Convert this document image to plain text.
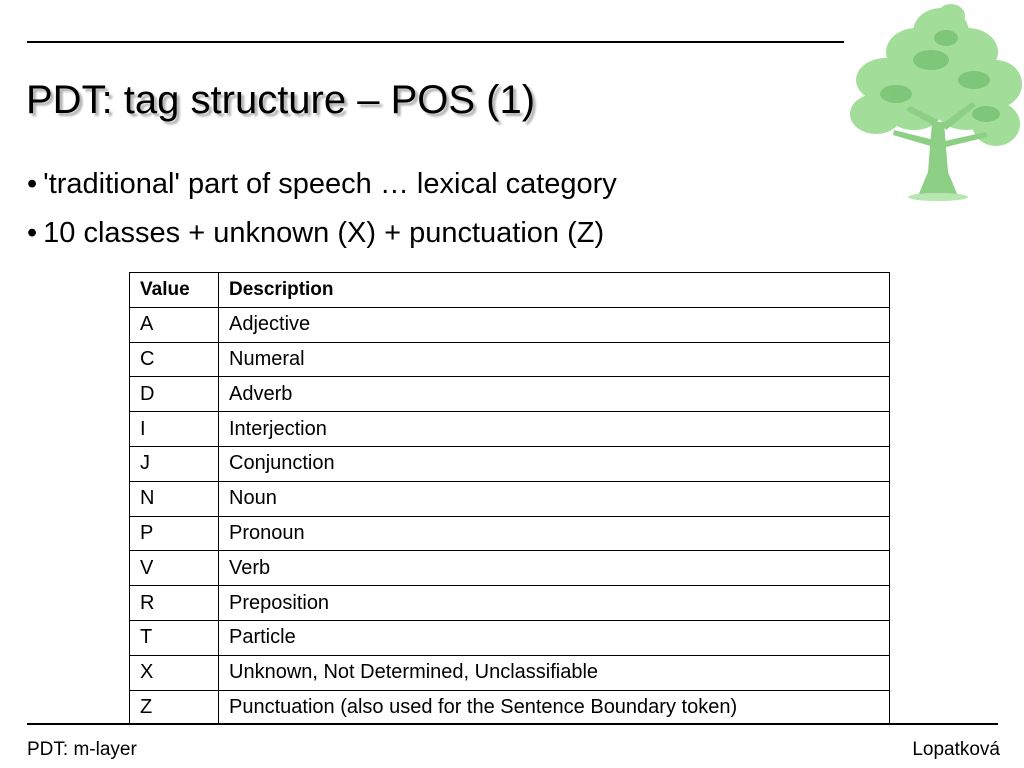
PDT: tag structure – POS (1)
• 'traditional' part of speech … lexical category
• 10 classes + unknown (X) + punctuation (Z)
Value	Description
A	Adjective
C	Numeral
D	Adverb
I	Interjection
J	Conjunction
N	Noun
P	Pronoun
V	Verb
R	Preposition
T	Particle
X	Unknown, Not Determined, Unclassifiable
Z	Punctuation (also used for the Sentence Boundary token)
PDT: m-layer	Lopatková
